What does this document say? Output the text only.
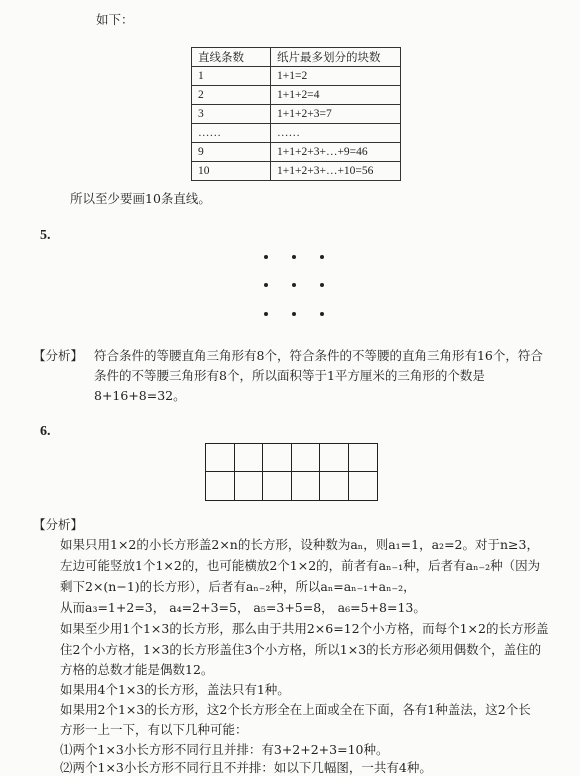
如下：
直线条数	纸片最多划分的块数
1	1+1=2
2	1+1+2=4
3	1+1+2+3=7
……	……
9	1+1+2+3+…+9=46
10	1+1+2+3+…+10=56
所以至少要画10条直线。
5.
【分析】 符合条件的等腰直角三角形有8个，符合条件的不等腰的直角三角形有16个，符合
条件的不等腰三角形有8个，所以面积等于1平方厘米的三角形的个数是
8+16+8=32。
6.
【分析】
如果只用1×2的小长方形盖2×n的长方形，设种数为aₙ，则a₁=1，a₂=2。对于n≥3，
左边可能竖放1个1×2的，也可能横放2个1×2的，前者有aₙ₋₁种，后者有aₙ₋₂种（因为
剩下2×(n−1)的长方形），后者有aₙ₋₂种，所以aₙ=aₙ₋₁+aₙ₋₂，
从而a₃=1+2=3， a₄=2+3=5， a₅=3+5=8， a₆=5+8=13。
如果至少用1个1×3的长方形，那么由于共用2×6=12个小方格，而每个1×2的长方形盖
住2个小方格，1×3的长方形盖住3个小方格，所以1×3的长方形必须用偶数个，盖住的
方格的总数才能是偶数12。
如果用4个1×3的长方形，盖法只有1种。
如果用2个1×3的长方形，这2个长方形全在上面或全在下面，各有1种盖法，这2个长
方形一上一下，有以下几种可能：
⑴两个1×3小长方形不同行且并排：有3+2+2+3=10种。
⑵两个1×3小长方形不同行且不并排：如以下几幅图，一共有4种。
